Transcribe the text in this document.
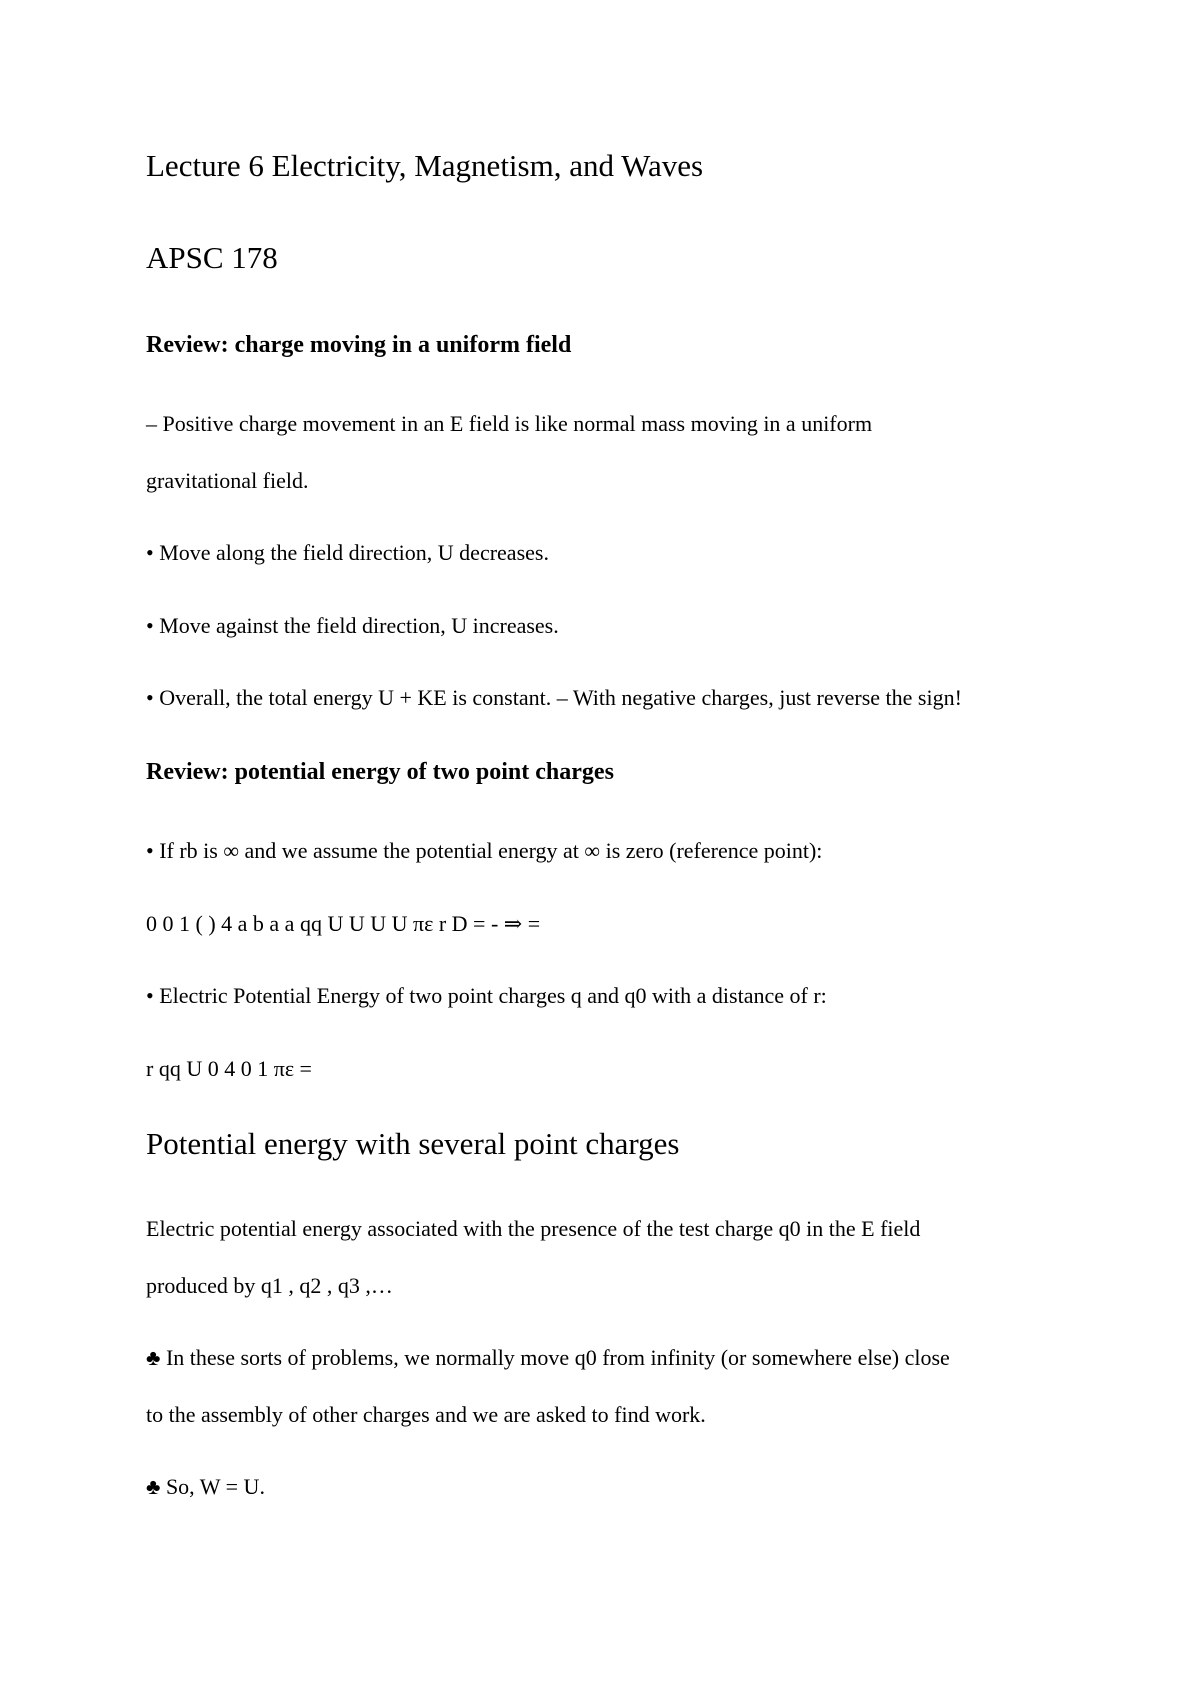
Lecture 6 Electricity, Magnetism, and Waves
APSC 178
Review: charge moving in a uniform field

– Positive charge movement in an E field is like normal mass moving in a uniform

gravitational field.

• Move along the field direction, U decreases.

• Move against the field direction, U increases.

• Overall, the total energy U + KE is constant. – With negative charges, just reverse the sign!

Review: potential energy of two point charges

• If rb is ∞ and we assume the potential energy at ∞ is zero (reference point):

0 0 1 ( ) 4 a b a a qq U U U U πε r D = - ⇒ =

• Electric Potential Energy of two point charges q and q0 with a distance of r:

r qq U 0 4 0 1 πε =

Potential energy with several point charges

Electric potential energy associated with the presence of the test charge q0 in the E field

produced by q1 , q2 , q3 ,…

♣ In these sorts of problems, we normally move q0 from infinity (or somewhere else) close

to the assembly of other charges and we are asked to find work.

♣ So, W = U.
